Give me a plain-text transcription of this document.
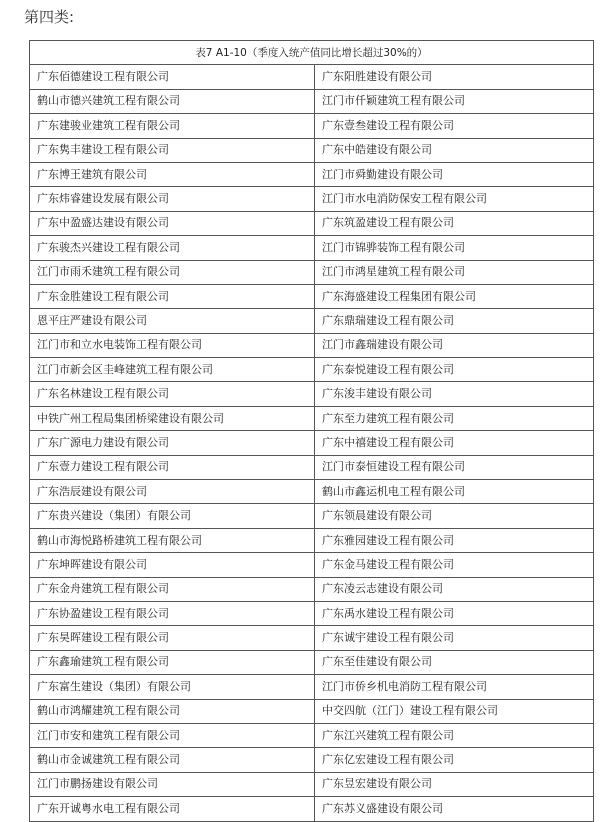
第四类:
表7 A1-10（季度入统产值同比增长超过30%的）	
广东佰德建设工程有限公司	广东阳胜建设有限公司
鹤山市德兴建筑工程有限公司	江门市仟颖建筑工程有限公司
广东建骏业建筑工程有限公司	广东壹叁建设工程有限公司
广东隽丰建设工程有限公司	广东中皓建设有限公司
广东博王建筑有限公司	江门市舜勤建设有限公司
广东炜睿建设发展有限公司	江门市水电消防保安工程有限公司
广东中盈盛达建设有限公司	广东筑盈建设工程有限公司
广东骏杰兴建设工程有限公司	江门市锦骅装饰工程有限公司
江门市雨禾建筑工程有限公司	江门市鸿星建筑工程有限公司
广东金胜建设工程有限公司	广东海盛建设工程集团有限公司
恩平庄严建设有限公司	广东鼎瑞建设工程有限公司
江门市和立水电装饰工程有限公司	江门市鑫瑞建设有限公司
江门市新会区圭峰建筑工程有限公司	广东泰悦建设工程有限公司
广东名林建设工程有限公司	广东浚丰建设有限公司
中铁广州工程局集团桥梁建设有限公司	广东至力建筑工程有限公司
广东广源电力建设有限公司	广东中禧建设工程有限公司
广东壹力建设工程有限公司	江门市泰恒建设工程有限公司
广东浩辰建设有限公司	鹤山市鑫运机电工程有限公司
广东贵兴建设（集团）有限公司	广东领晨建设有限公司
鹤山市海悦路桥建筑工程有限公司	广东雅园建设工程有限公司
广东坤晖建设有限公司	广东金马建设工程有限公司
广东金舟建筑工程有限公司	广东凌云志建设有限公司
广东协盈建设工程有限公司	广东禹水建设工程有限公司
广东昊晖建设工程有限公司	广东诚宇建设工程有限公司
广东鑫瑜建筑工程有限公司	广东至佳建设有限公司
广东富生建设（集团）有限公司	江门市侨乡机电消防工程有限公司
鹤山市鸿耀建筑工程有限公司	中交四航（江门）建设工程有限公司
江门市安和建筑工程有限公司	广东江兴建筑工程有限公司
鹤山市金诚建筑工程有限公司	广东亿宏建设工程有限公司
江门市鹏扬建设有限公司	广东昱宏建设有限公司
广东开诚粤水电工程有限公司	广东苏义盛建设有限公司
